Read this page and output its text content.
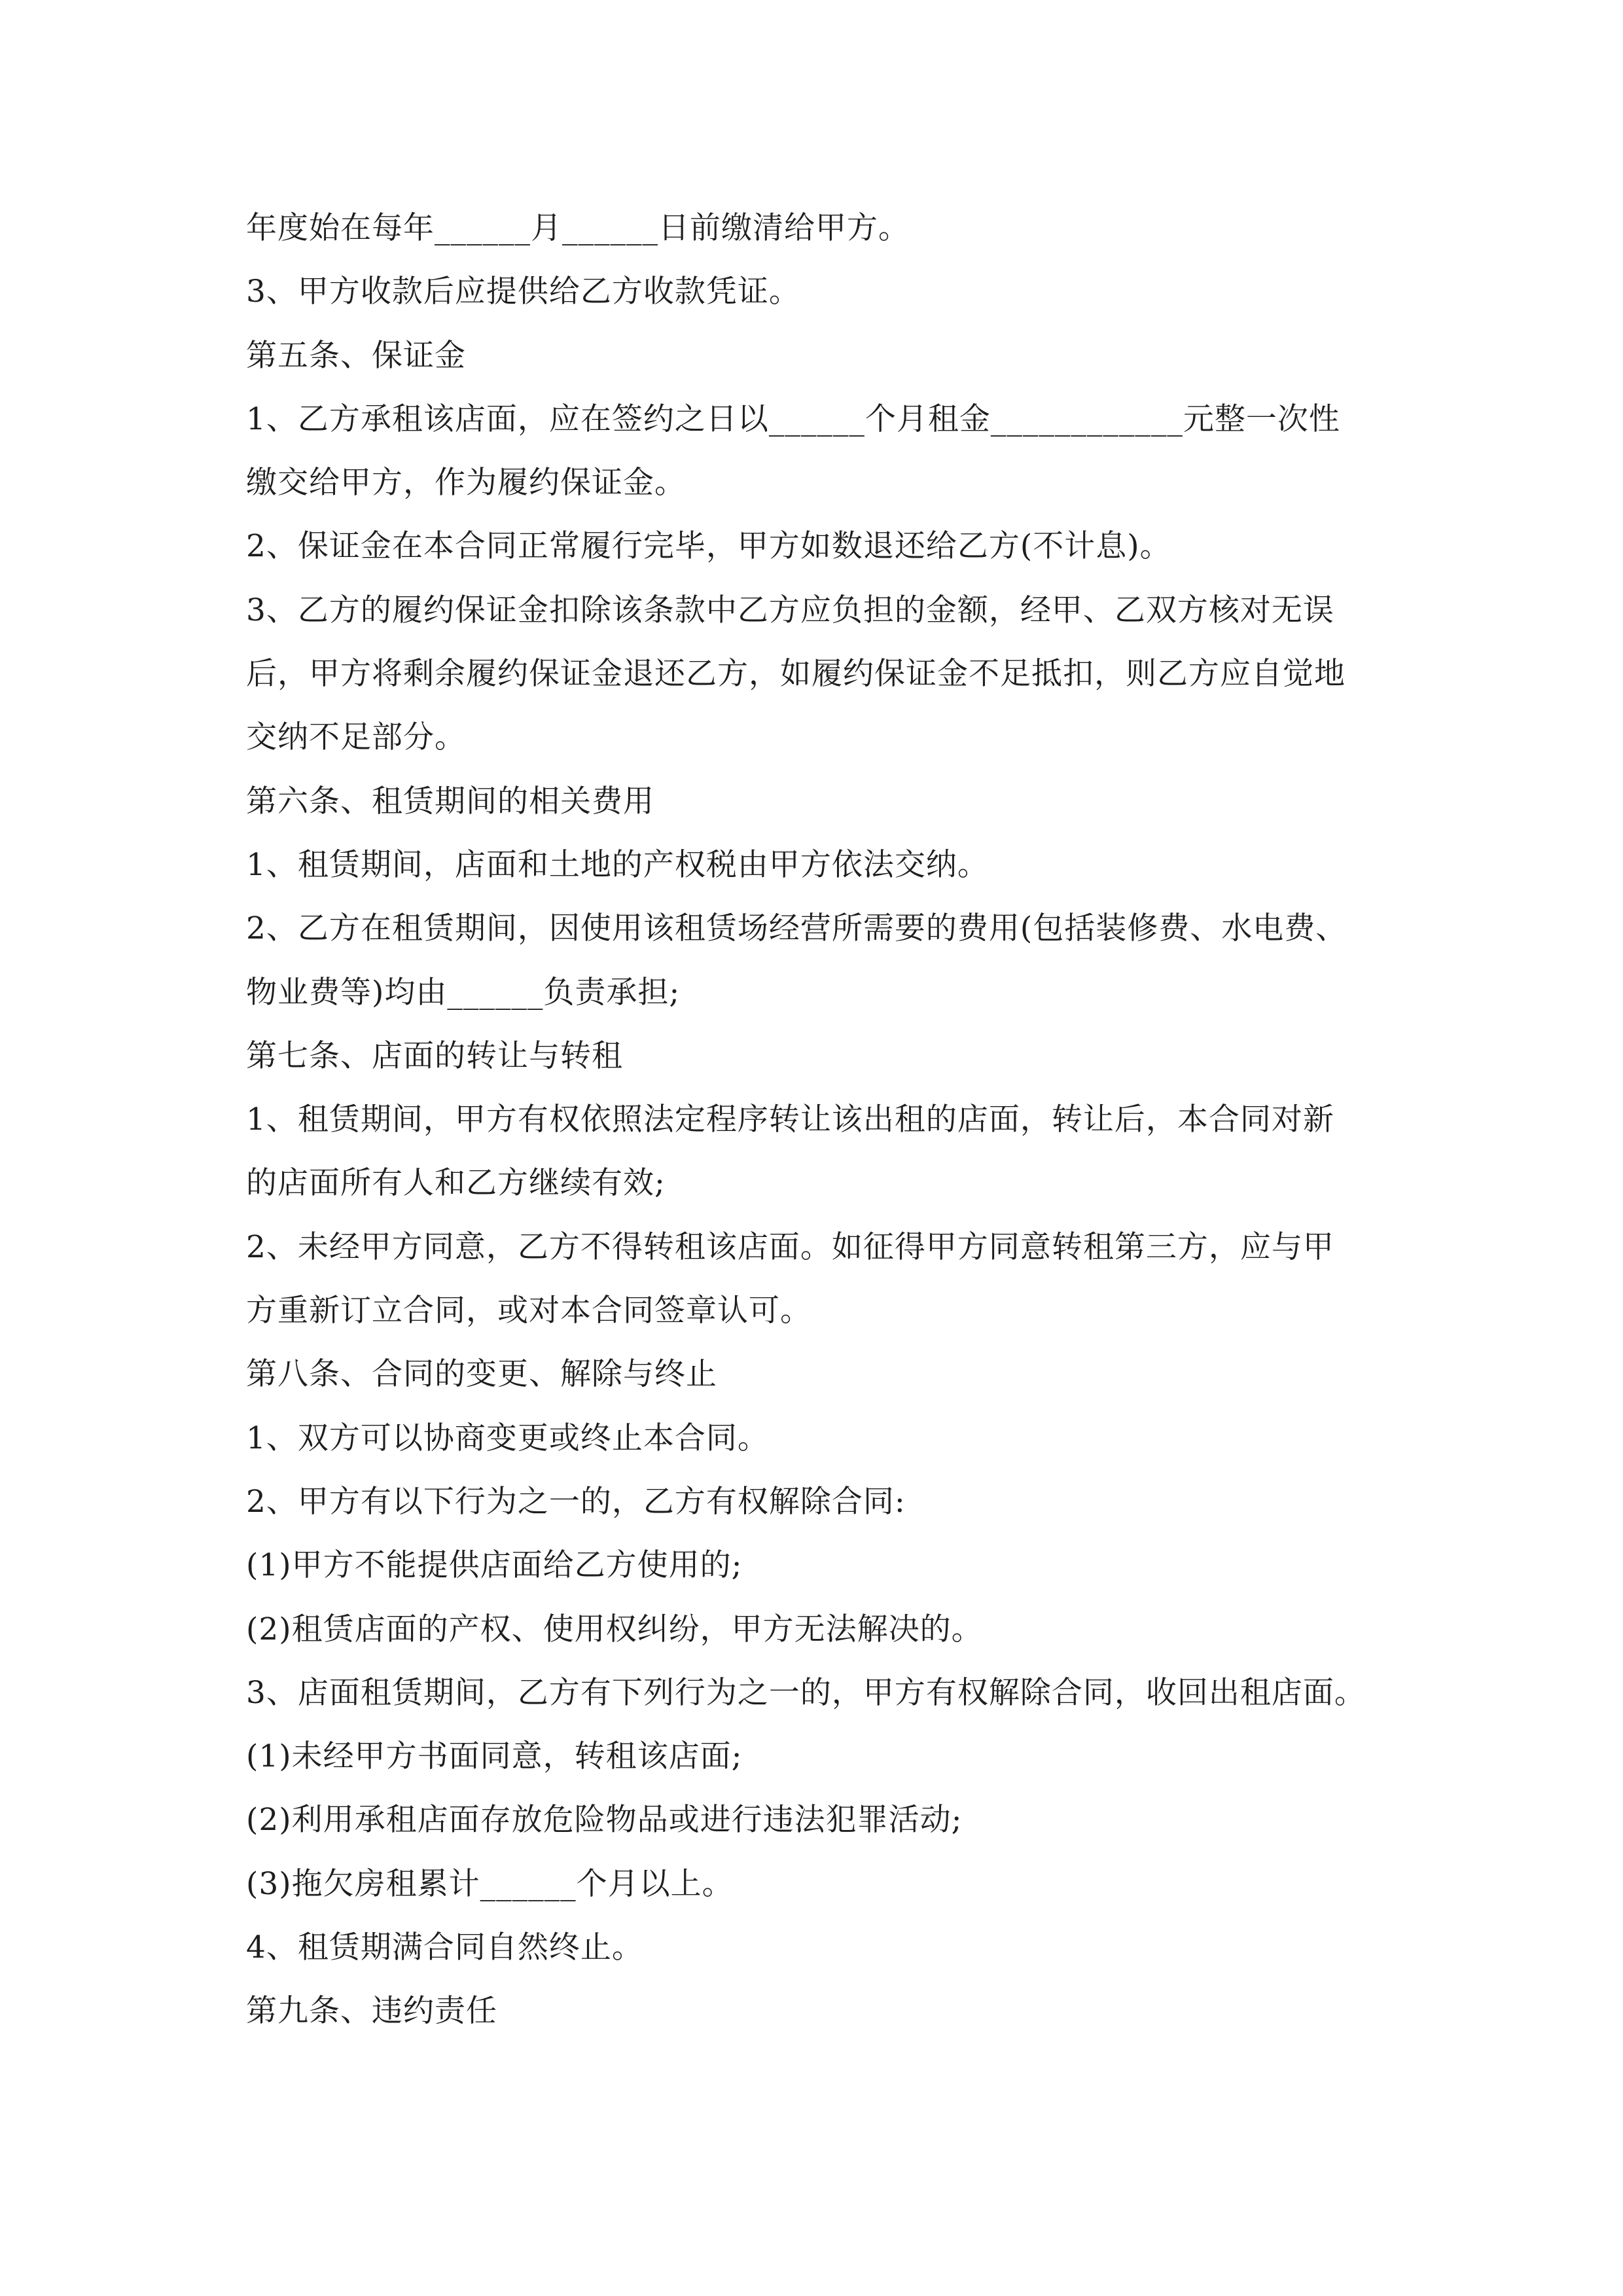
年度始在每年______月______日前缴清给甲方。

3、甲方收款后应提供给乙方收款凭证。

第五条、保证金

1、乙方承租该店面，应在签约之日以______个月租金____________元整一次性

缴交给甲方，作为履约保证金。

2、保证金在本合同正常履行完毕，甲方如数退还给乙方(不计息)。

3、乙方的履约保证金扣除该条款中乙方应负担的金额，经甲、乙双方核对无误

后，甲方将剩余履约保证金退还乙方，如履约保证金不足抵扣，则乙方应自觉地

交纳不足部分。

第六条、租赁期间的相关费用

1、租赁期间，店面和土地的产权税由甲方依法交纳。

2、乙方在租赁期间，因使用该租赁场经营所需要的费用(包括装修费、水电费、

物业费等)均由______负责承担;

第七条、店面的转让与转租

1、租赁期间，甲方有权依照法定程序转让该出租的店面，转让后，本合同对新

的店面所有人和乙方继续有效;

2、未经甲方同意，乙方不得转租该店面。如征得甲方同意转租第三方，应与甲

方重新订立合同，或对本合同签章认可。

第八条、合同的变更、解除与终止

1、双方可以协商变更或终止本合同。

2、甲方有以下行为之一的，乙方有权解除合同:

(1)甲方不能提供店面给乙方使用的;

(2)租赁店面的产权、使用权纠纷，甲方无法解决的。

3、店面租赁期间，乙方有下列行为之一的，甲方有权解除合同，收回出租店面。

(1)未经甲方书面同意，转租该店面;

(2)利用承租店面存放危险物品或进行违法犯罪活动;

(3)拖欠房租累计______个月以上。

4、租赁期满合同自然终止。

第九条、违约责任
